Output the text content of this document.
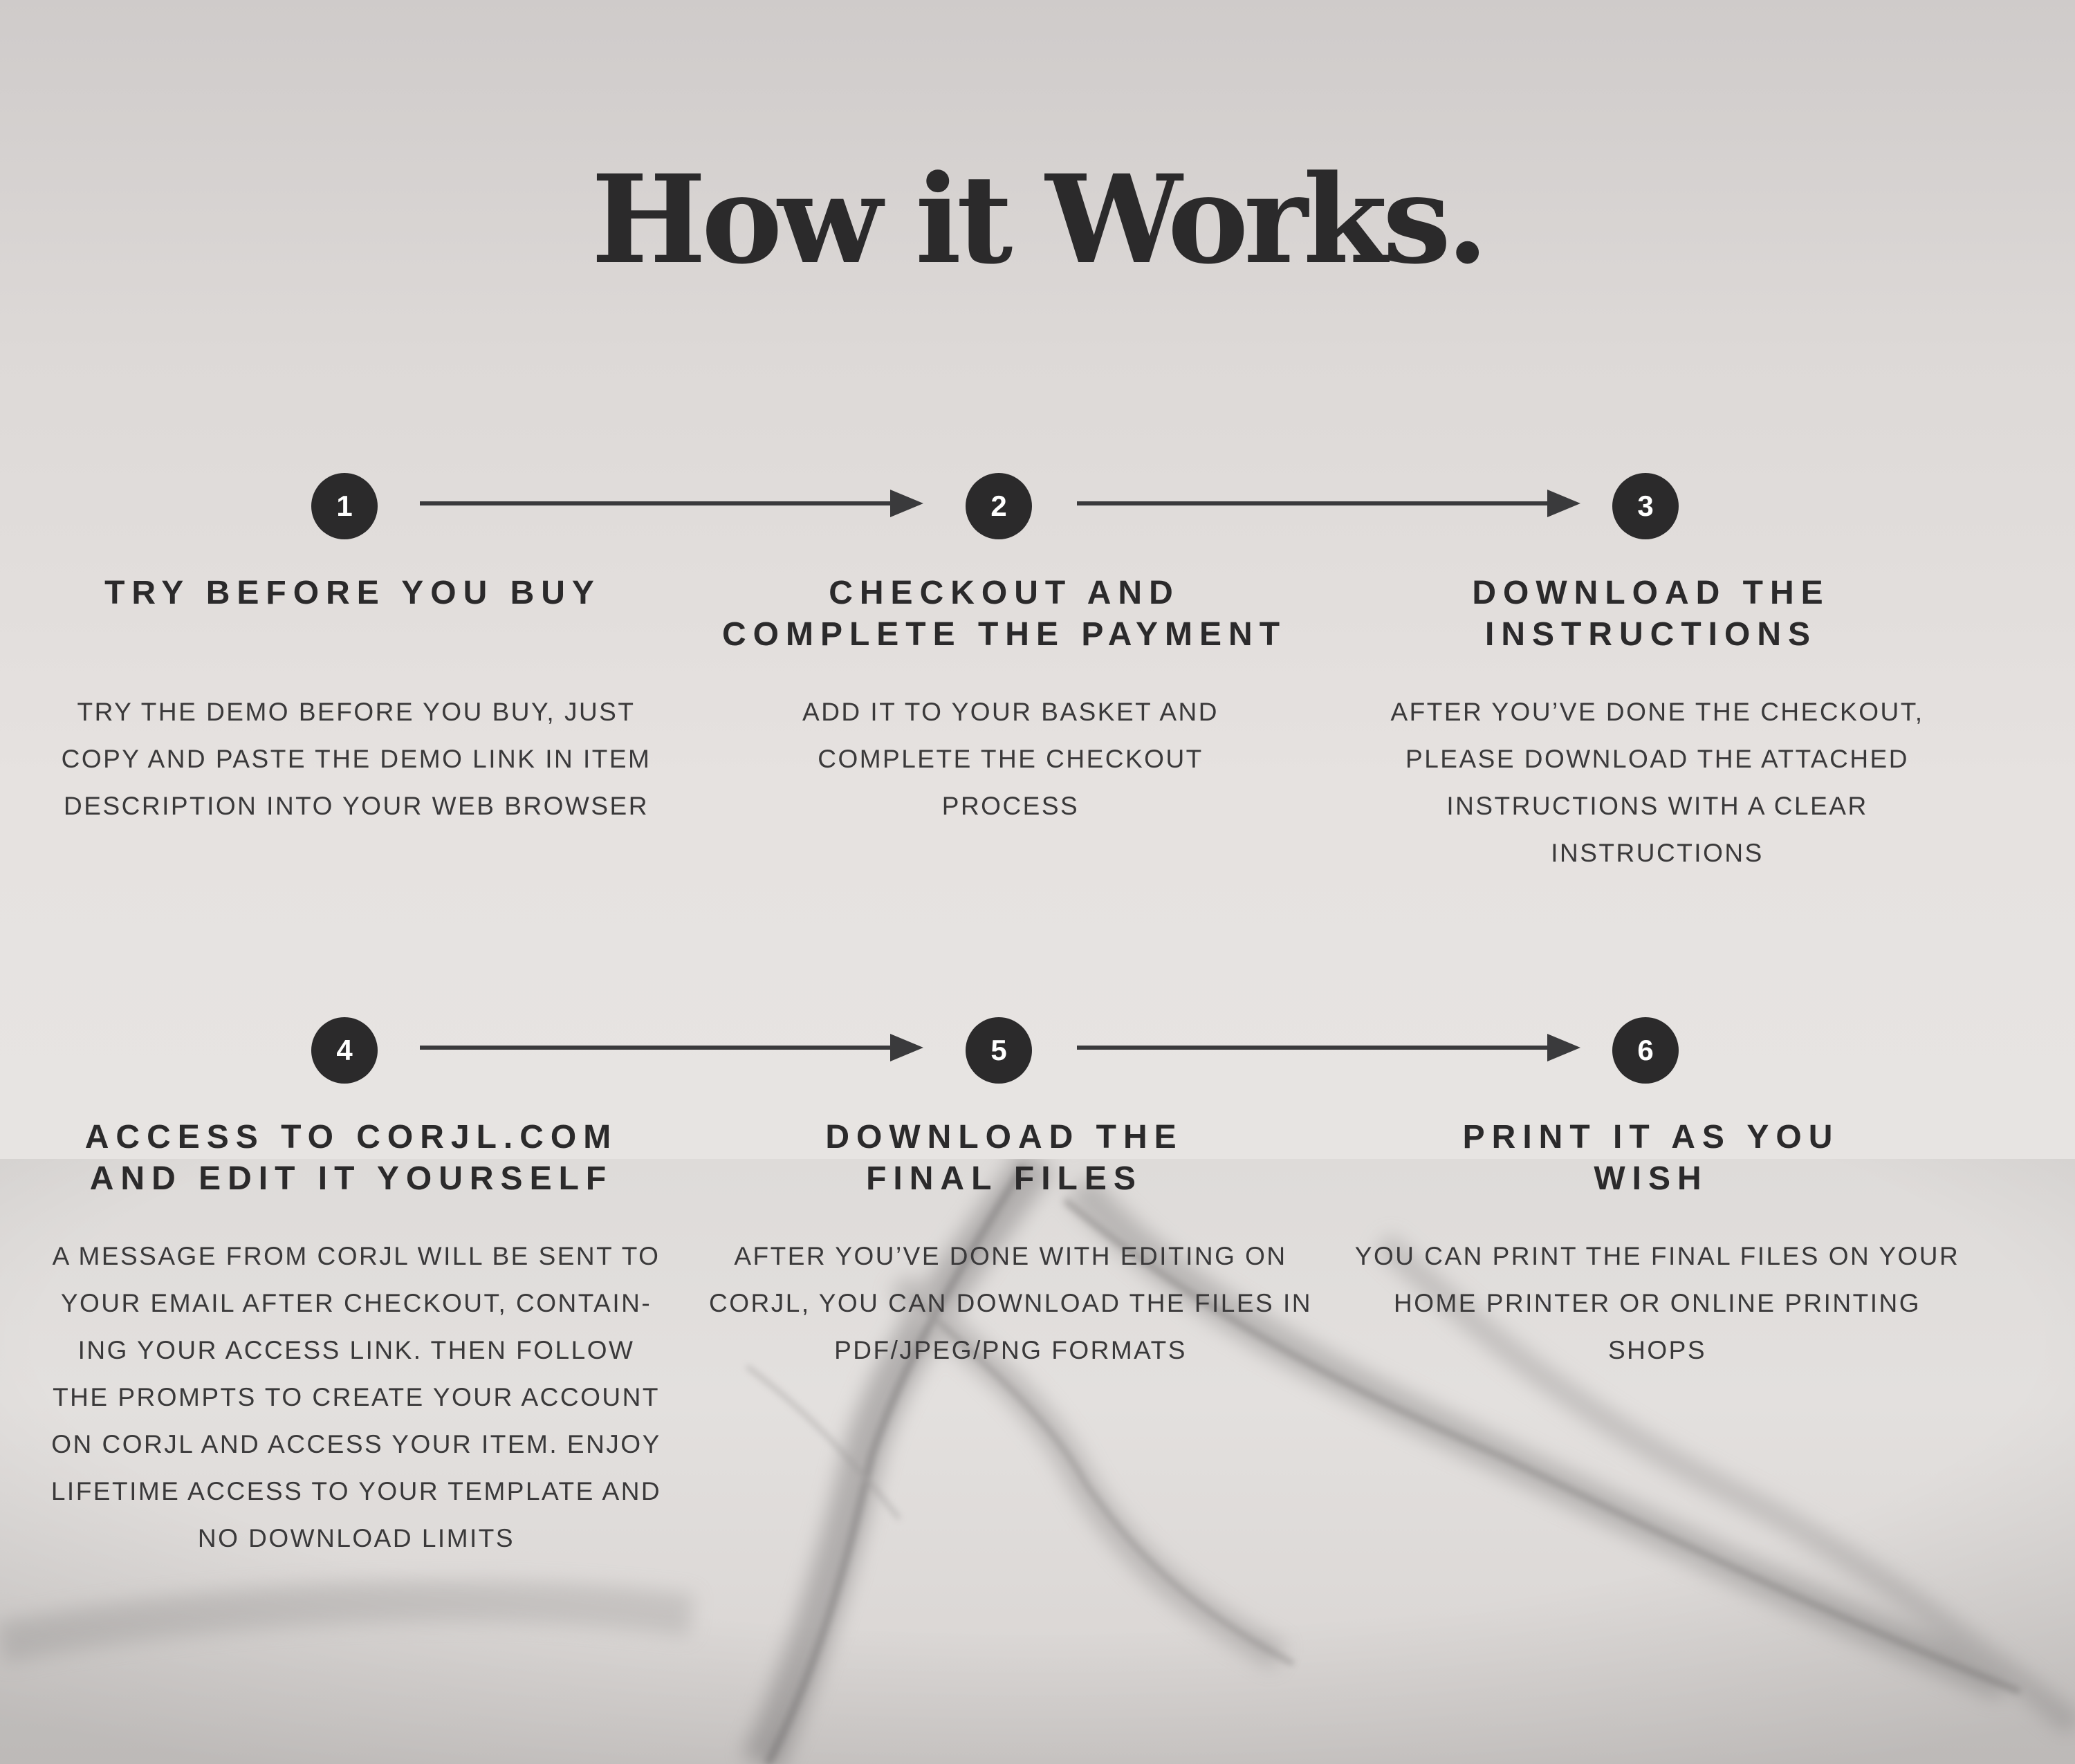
How it Works.
1	2	3
TRY BEFORE YOU BUY	CHECKOUT AND
COMPLETE THE PAYMENT
DOWNLOAD THE
INSTRUCTIONS
TRY THE DEMO BEFORE YOU BUY, JUST
COPY AND PASTE THE DEMO LINK IN ITEM
DESCRIPTION INTO YOUR WEB BROWSER
ADD IT TO YOUR BASKET AND
COMPLETE THE CHECKOUT
PROCESS
AFTER YOU’VE DONE THE CHECKOUT,
PLEASE DOWNLOAD THE ATTACHED
INSTRUCTIONS WITH A CLEAR
INSTRUCTIONS
4	5	6
ACCESS TO CORJL.COM
AND EDIT IT YOURSELF
DOWNLOAD THE
FINAL FILES
PRINT IT AS YOU
WISH
A MESSAGE FROM CORJL WILL BE SENT TO
YOUR EMAIL AFTER CHECKOUT, CONTAIN-
ING YOUR ACCESS LINK. THEN FOLLOW
THE PROMPTS TO CREATE YOUR ACCOUNT
ON CORJL AND ACCESS YOUR ITEM. ENJOY
LIFETIME ACCESS TO YOUR TEMPLATE AND
NO DOWNLOAD LIMITS
AFTER YOU’VE DONE WITH EDITING ON
CORJL, YOU CAN DOWNLOAD THE FILES IN
PDF/JPEG/PNG FORMATS
YOU CAN PRINT THE FINAL FILES ON YOUR
HOME PRINTER OR ONLINE PRINTING
SHOPS
